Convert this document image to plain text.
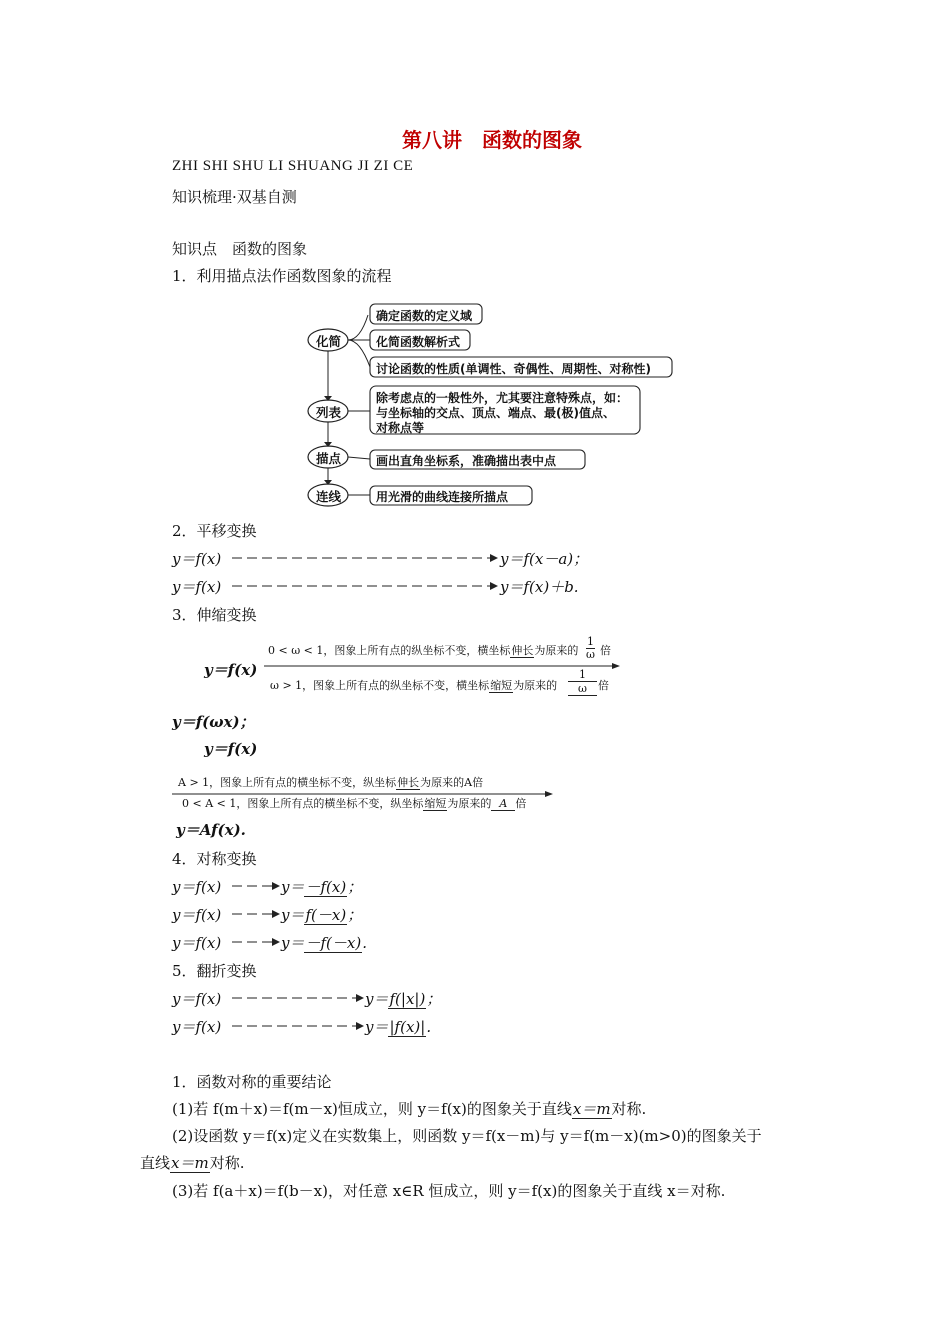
第八讲　函数的图象
ZHI SHI SHU LI SHUANG JI ZI CE
知识梳理·双基自测
知识点　函数的图象
1．利用描点法作函数图象的流程
化简
列表
描点
连线
确定函数的定义域
化简函数解析式
讨论函数的性质(单调性、奇偶性、周期性、对称性)
除考虑点的一般性外，尤其要注意特殊点，如：
与坐标轴的交点、顶点、端点、最(极)值点、
对称点等
画出直角坐标系，准确描出表中点
用光滑的曲线连接所描点
2．平移变换
y＝f(x)	y＝f(x－a)；
y＝f(x)	y＝f(x)＋b.
3．伸缩变换
y＝f(x)
0 < ω < 1，图象上所有点的纵坐标不变，横坐标伸长为原来的
1
ω 倍
ω > 1，图象上所有点的纵坐标不变，横坐标缩短为原来的
1
ω	倍
y＝f(ωx)；
y＝f(x)
A > 1，图象上所有点的横坐标不变，纵坐标伸长为原来的A倍
0 < A < 1，图象上所有点的横坐标不变，纵坐标缩短为原来的 A 倍
y＝Af(x).
4．对称变换
y＝f(x)	y＝－f(x)；
y＝f(x)	y＝f(－x)；
y＝f(x)	y＝－f(－x).
5．翻折变换
y＝f(x)	y＝f(|x|)；
y＝f(x)	y＝|f(x)|.
1．函数对称的重要结论
(1)若 f(m＋x)＝f(m－x)恒成立，则 y＝f(x)的图象关于直线x＝m对称.
(2)设函数 y＝f(x)定义在实数集上，则函数 y＝f(x－m)与 y＝f(m－x)(m>0)的图象关于
直线x＝m对称.
(3)若 f(a＋x)＝f(b－x)，对任意 x∈R 恒成立，则 y＝f(x)的图象关于直线 x＝对称.
